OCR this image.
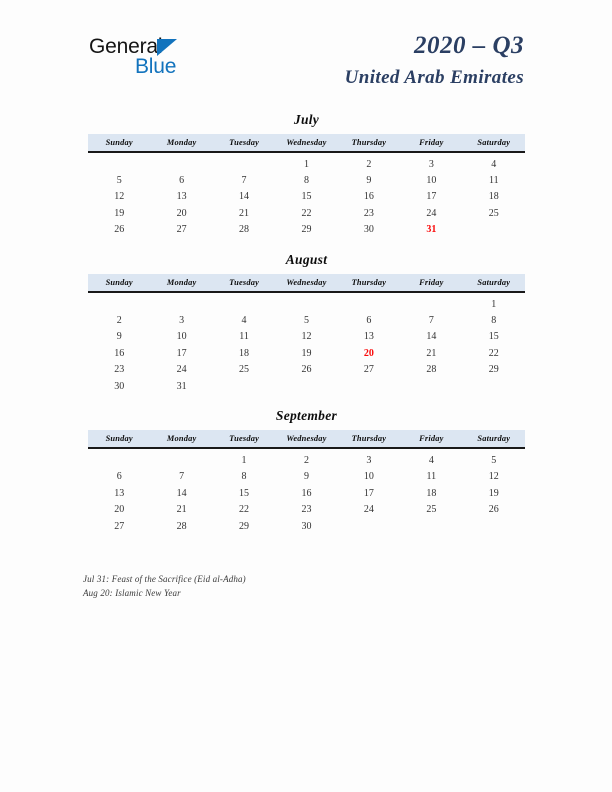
General
Blue
2020 – Q3
United Arab Emirates
July
Sunday	Monday	Tuesday	Wednesday	Thursday	Friday	Saturday
			1	2	3	4
5	6	7	8	9	10	11
12	13	14	15	16	17	18
19	20	21	22	23	24	25
26	27	28	29	30	31	
August
Sunday	Monday	Tuesday	Wednesday	Thursday	Friday	Saturday
						1
2	3	4	5	6	7	8
9	10	11	12	13	14	15
16	17	18	19	20	21	22
23	24	25	26	27	28	29
30	31					
September
Sunday	Monday	Tuesday	Wednesday	Thursday	Friday	Saturday
		1	2	3	4	5
6	7	8	9	10	11	12
13	14	15	16	17	18	19
20	21	22	23	24	25	26
27	28	29	30			
Jul 31: Feast of the Sacrifice (Eid al-Adha)
Aug 20: Islamic New Year
